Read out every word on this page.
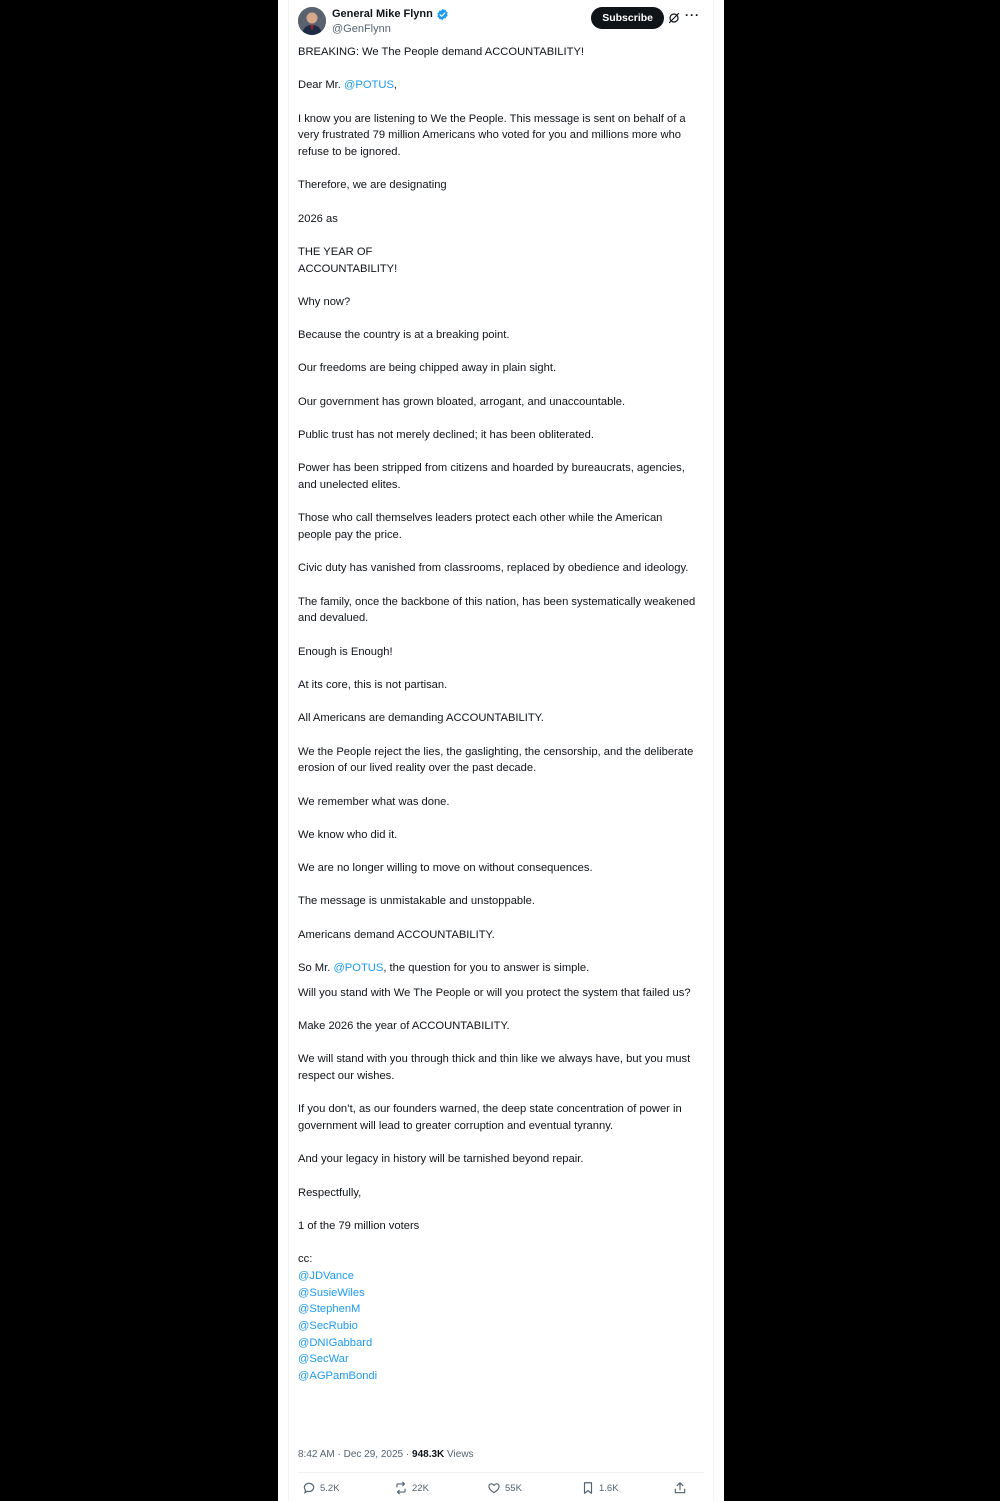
General Mike Flynn
@GenFlynn
Subscribe	···

BREAKING: We The People demand ACCOUNTABILITY!

Dear Mr. @POTUS,

I know you are listening to We the People. This message is sent on behalf of a very frustrated 79 million Americans who voted for you and millions more who refuse to be ignored.

Therefore, we are designating

2026 as

THE YEAR OF
ACCOUNTABILITY!

Why now?

Because the country is at a breaking point.

Our freedoms are being chipped away in plain sight.

Our government has grown bloated, arrogant, and unaccountable.

Public trust has not merely declined; it has been obliterated.

Power has been stripped from citizens and hoarded by bureaucrats, agencies, and unelected elites.

Those who call themselves leaders protect each other while the American people pay the price.

Civic duty has vanished from classrooms, replaced by obedience and ideology.

The family, once the backbone of this nation, has been systematically weakened and devalued.

Enough is Enough!

At its core, this is not partisan.

All Americans are demanding ACCOUNTABILITY.

We the People reject the lies, the gaslighting, the censorship, and the deliberate erosion of our lived reality over the past decade.

We remember what was done.

We know who did it.

We are no longer willing to move on without consequences.

The message is unmistakable and unstoppable.

Americans demand ACCOUNTABILITY.

So Mr. @POTUS, the question for you to answer is simple.

Will you stand with We The People or will you protect the system that failed us?

Make 2026 the year of ACCOUNTABILITY.

We will stand with you through thick and thin like we always have, but you must respect our wishes.

If you don’t, as our founders warned, the deep state concentration of power in government will lead to greater corruption and eventual tyranny.

And your legacy in history will be tarnished beyond repair.

Respectfully,

1 of the 79 million voters

cc:
@JDVance
@SusieWiles
@StephenM
@SecRubio
@DNIGabbard
@SecWar
@AGPamBondi

8:42 AM · Dec 29, 2025 · 948.3K Views
5.2K	22K	55K	1.6K
